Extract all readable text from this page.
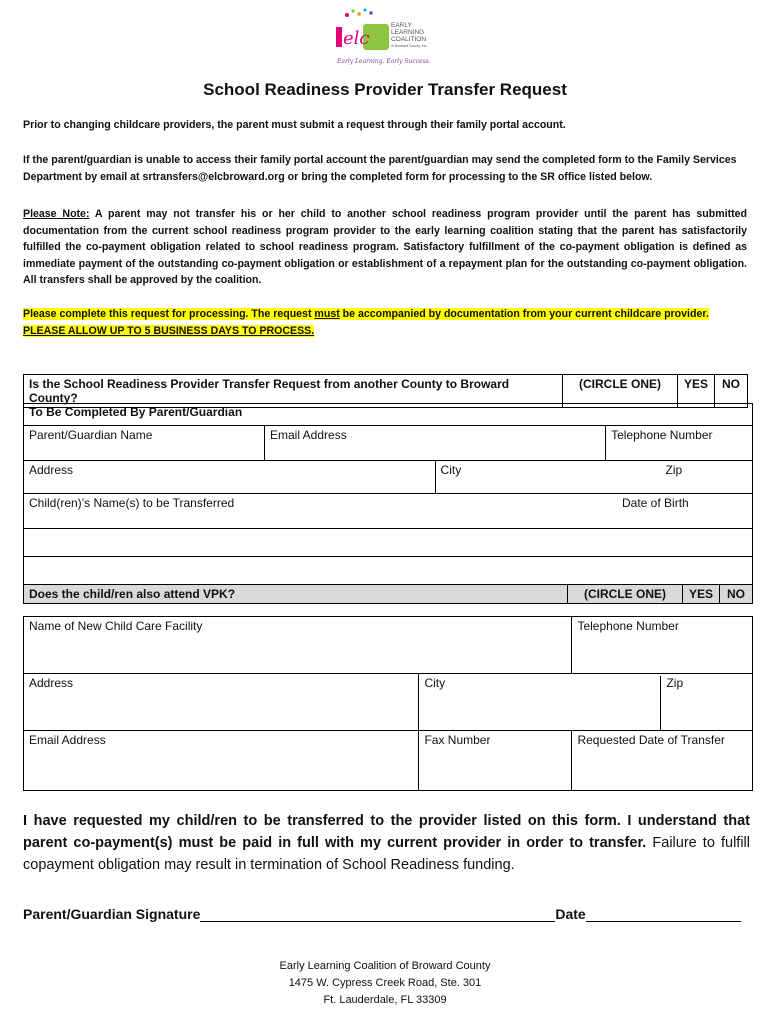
elc
EARLY
LEARNING
COALITION
of Broward County, Inc.
Early Learning. Early Success.
School Readiness Provider Transfer Request
Prior to changing childcare providers, the parent must submit a request through their family portal account.
If the parent/guardian is unable to access their family portal account the parent/guardian may send the completed form to the Family Services Department by email at srtransfers@elcbroward.org or bring the completed form for processing to the SR office listed below.
Please Note: A parent may not transfer his or her child to another school readiness program provider until the parent has submitted documentation from the current school readiness program provider to the early learning coalition stating that the parent has satisfactorily fulfilled the co-payment obligation related to school readiness program. Satisfactory fulfillment of the co-payment obligation is defined as immediate payment of the outstanding co-payment obligation or establishment of a repayment plan for the outstanding co-payment obligation. All transfers shall be approved by the coalition.
Please complete this request for processing. The request must be accompanied by documentation from your current childcare provider.
PLEASE ALLOW UP TO 5 BUSINESS DAYS TO PROCESS.
Is the School Readiness Provider Transfer Request from another County to Broward County?	(CIRCLE ONE)	YES	NO
To Be Completed By Parent/Guardian			
Parent/Guardian Name	Email Address		Telephone Number
Address		City Zip	

Child(ren)’s Name(s) to be Transferred Date of Birth			

Does the child/ren also attend VPK?	(CIRCLE ONE)	YES	NO
Name of New Child Care Facility		Telephone Number
Address	City Zip	

Email Address	Fax Number	Requested Date of Transfer
I have requested my child/ren to be transferred to the provider listed on this form. I understand that parent co-payment(s) must be paid in full with my current provider in order to transfer. Failure to fulfill copayment obligation may result in termination of School Readiness funding.
Parent/Guardian Signature	Date
Early Learning Coalition of Broward County
1475 W. Cypress Creek Road, Ste. 301
Ft. Lauderdale, FL 33309
